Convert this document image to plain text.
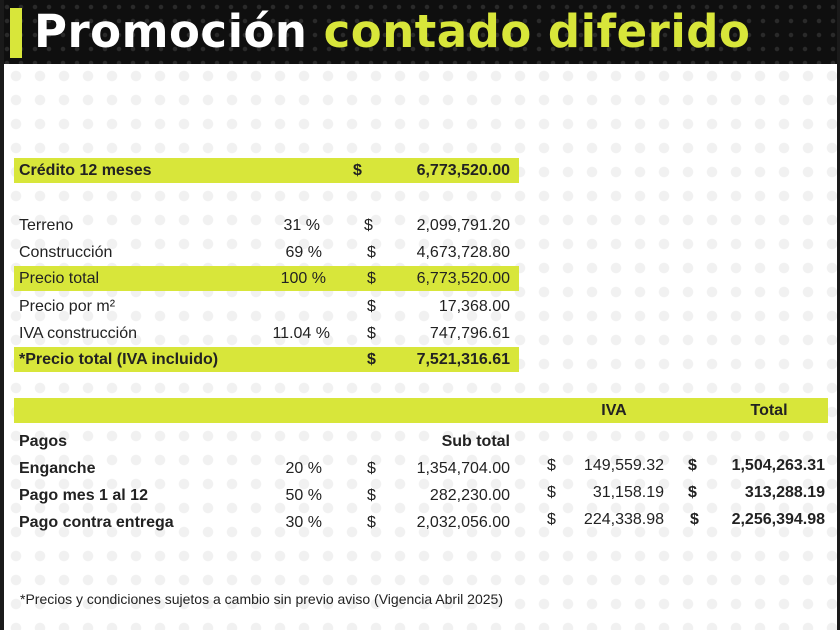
Promoción contado diferido
Crédito 12 meses	$	6,773,520.00
Terreno	31 %	$	2,099,791.20
Construcción	69 %	$	4,673,728.80
Precio total	100 %	$	6,773,520.00
Precio por m²	$	17,368.00
IVA construcción	11.04 % $	747,796.61
*Precio total (IVA incluido)	$	7,521,316.61
IVA	Total
Pagos	Sub total
Enganche	20 %	$	1,354,704.00 $	149,559.32 $	1,504,263.31
Pago mes 1 al 12	50 %	$	282,230.00 $	31,158.19 $	313,288.19
Pago contra entrega	30 %	$	2,032,056.00 $	224,338.98 $	2,256,394.98
*Precios y condiciones sujetos a cambio sin previo aviso (Vigencia Abril 2025)
